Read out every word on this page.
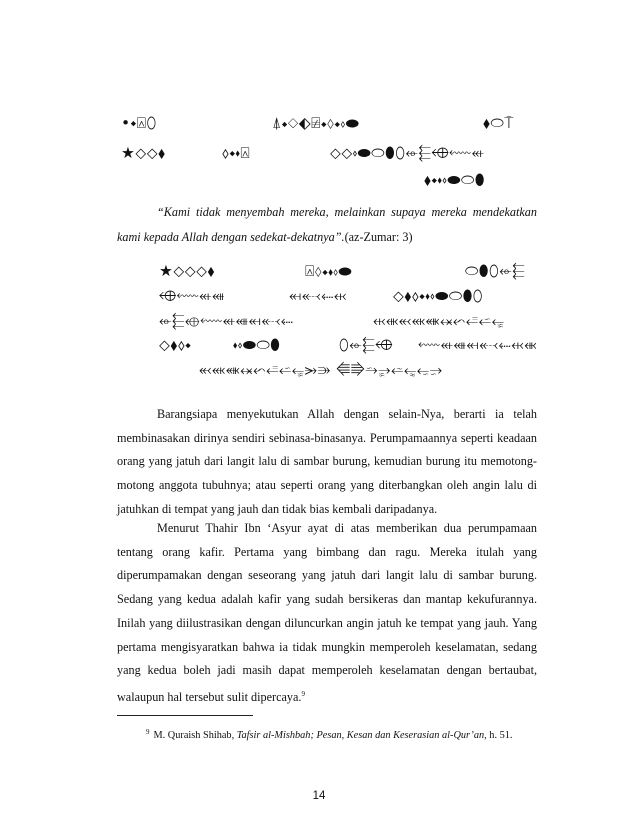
•⬩⍓⬯	⍋⬩⬦⬖⍯⬩⬨⬩⬫⬬	⬧⬭⍑
★⬦⬦⬧	⬨⬩⬪⍓	⬦⬦⬫⬬⬭⬮⬯⬰⬱⬲⬳⬴
⬧⬩⬪⬫⬬⬭⬮
“Kami tidak menyembah mereka, melainkan supaya mereka mendekatkan kami kepada Allah dengan sedekat-dekatnya”.(az-Zumar: 3)
★⬦⬦⬦⬧	⍓⬨⬩⬪⬫⬬	⬭⬮⬯⬰⬱
⬲⬳⬴⬵	⬶⬷⬸⬹	⬦⬧⬨⬩⬪⬫⬬⬭⬮⬯
⬰⬱⬲⬳⬴⬵⬶⬷⬸	⬹⬺⬻⬼⬽⬾⬿⭀⭁⭂
⬦⬧⬨⬩	⬪⬫⬬⬭⬮	⬯⬰⬱⬲ ⬳⬴⬵⬶⬷⬸⬹⬺
⬻⬼⬽⬾⬿⭀⭁⭂⭃⭄ ⭅⭆⭇⭈⭉⭊⭋⭌
Barangsiapa menyekutukan Allah dengan selain-Nya, berarti ia telah membinasakan dirinya sendiri sebinasa-binasanya. Perumpamaannya seperti keadaan orang yang jatuh dari langit lalu di sambar burung, kemudian burung itu memotong-motong anggota tubuhnya; atau seperti orang yang diterbangkan oleh angin lalu di jatuhkan di tempat yang jauh dan tidak bias kembali daripadanya.
Menurut Thahir Ibn ‘Asyur ayat di atas memberikan dua perumpamaan tentang orang kafir. Pertama yang bimbang dan ragu. Mereka itulah yang diperumpamakan dengan seseorang yang jatuh dari langit lalu di sambar burung. Sedang yang kedua adalah kafir yang sudah bersikeras dan mantap kekufurannya. Inilah yang diilustrasikan dengan diluncurkan angin jatuh ke tempat yang jauh. Yang pertama mengisyaratkan bahwa ia tidak mungkin memperoleh keselamatan, sedang yang kedua boleh jadi masih dapat memperoleh keselamatan dengan bertaubat, walaupun hal tersebut sulit dipercaya.$^9$
$^9$ M. Quraish Shihab, Tafsir al-Mishbah; Pesan, Kesan dan Keserasian al-Qur’an, h. 51.
14
